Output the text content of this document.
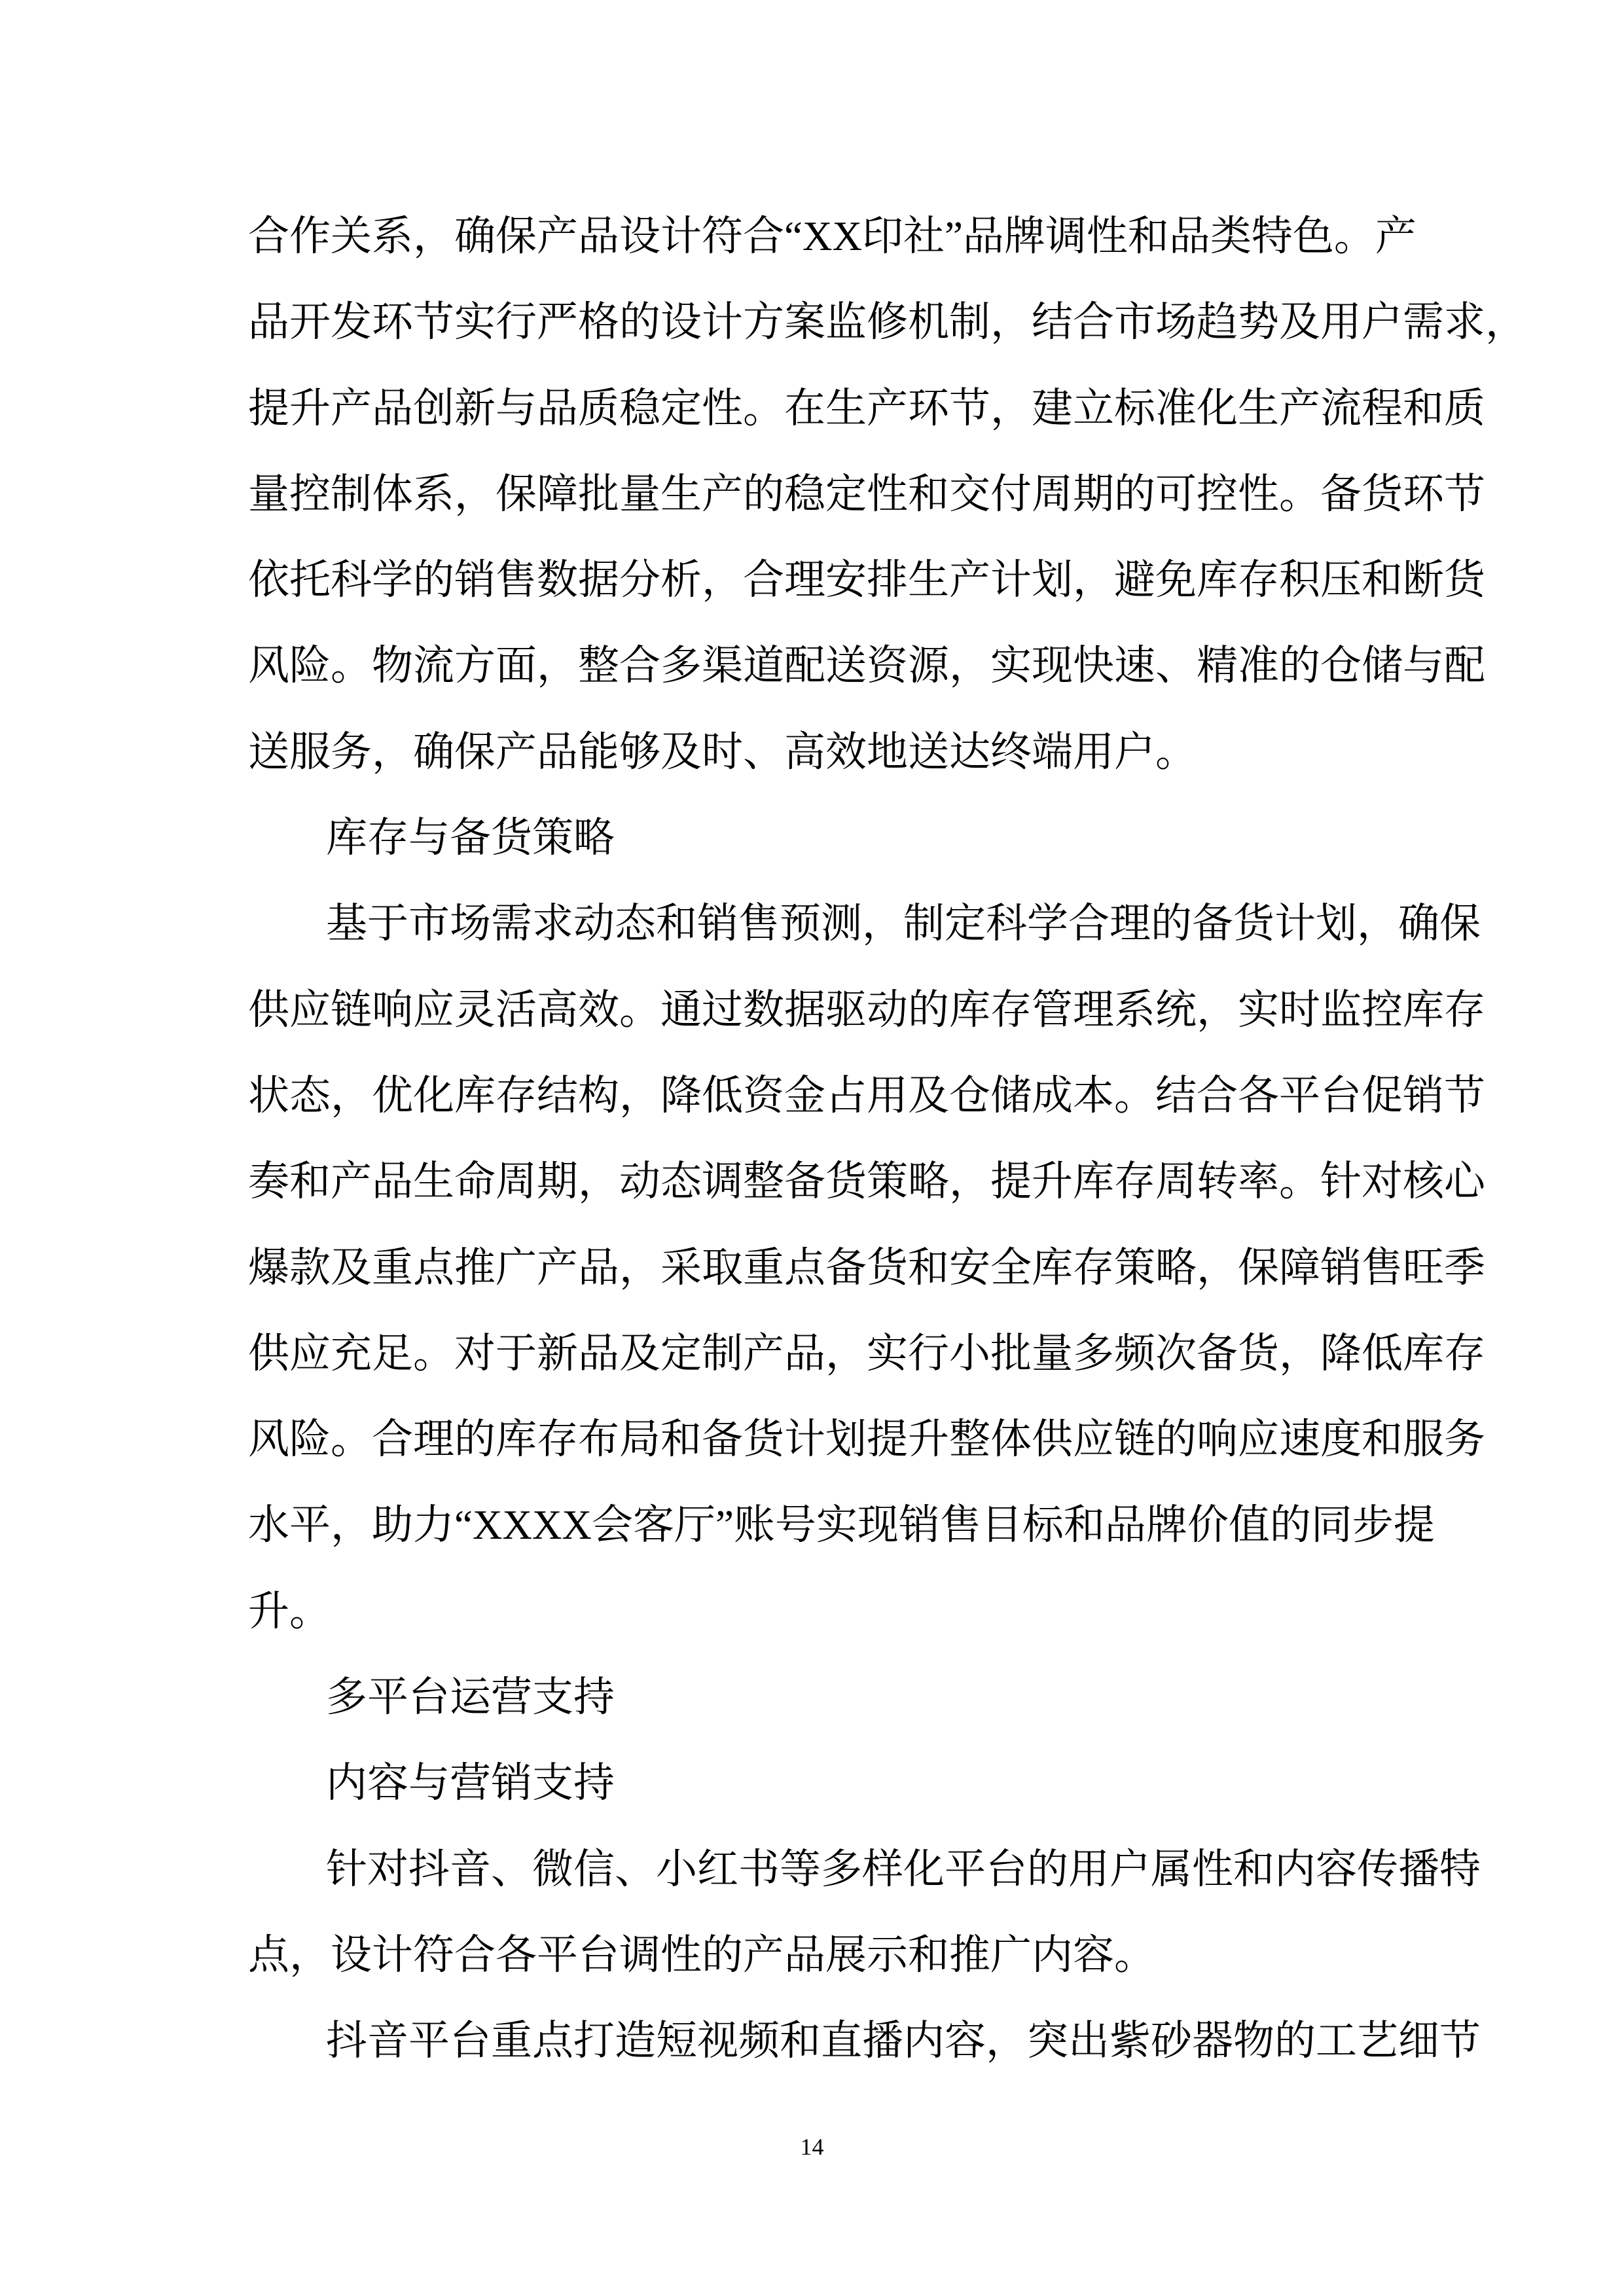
合作关系，确保产品设计符合“XX印社”品牌调性和品类特色。产
品开发环节实行严格的设计方案监修机制，结合市场趋势及用户需求，
提升产品创新与品质稳定性。在生产环节，建立标准化生产流程和质
量控制体系，保障批量生产的稳定性和交付周期的可控性。备货环节
依托科学的销售数据分析，合理安排生产计划，避免库存积压和断货
风险。物流方面，整合多渠道配送资源，实现快速、精准的仓储与配
送服务，确保产品能够及时、高效地送达终端用户。
库存与备货策略
基于市场需求动态和销售预测，制定科学合理的备货计划，确保
供应链响应灵活高效。通过数据驱动的库存管理系统，实时监控库存
状态，优化库存结构，降低资金占用及仓储成本。结合各平台促销节
奏和产品生命周期，动态调整备货策略，提升库存周转率。针对核心
爆款及重点推广产品，采取重点备货和安全库存策略，保障销售旺季
供应充足。对于新品及定制产品，实行小批量多频次备货，降低库存
风险。合理的库存布局和备货计划提升整体供应链的响应速度和服务
水平，助力“XXXX会客厅”账号实现销售目标和品牌价值的同步提
升。
多平台运营支持
内容与营销支持
针对抖音、微信、小红书等多样化平台的用户属性和内容传播特
点，设计符合各平台调性的产品展示和推广内容。
抖音平台重点打造短视频和直播内容，突出紫砂器物的工艺细节
14
